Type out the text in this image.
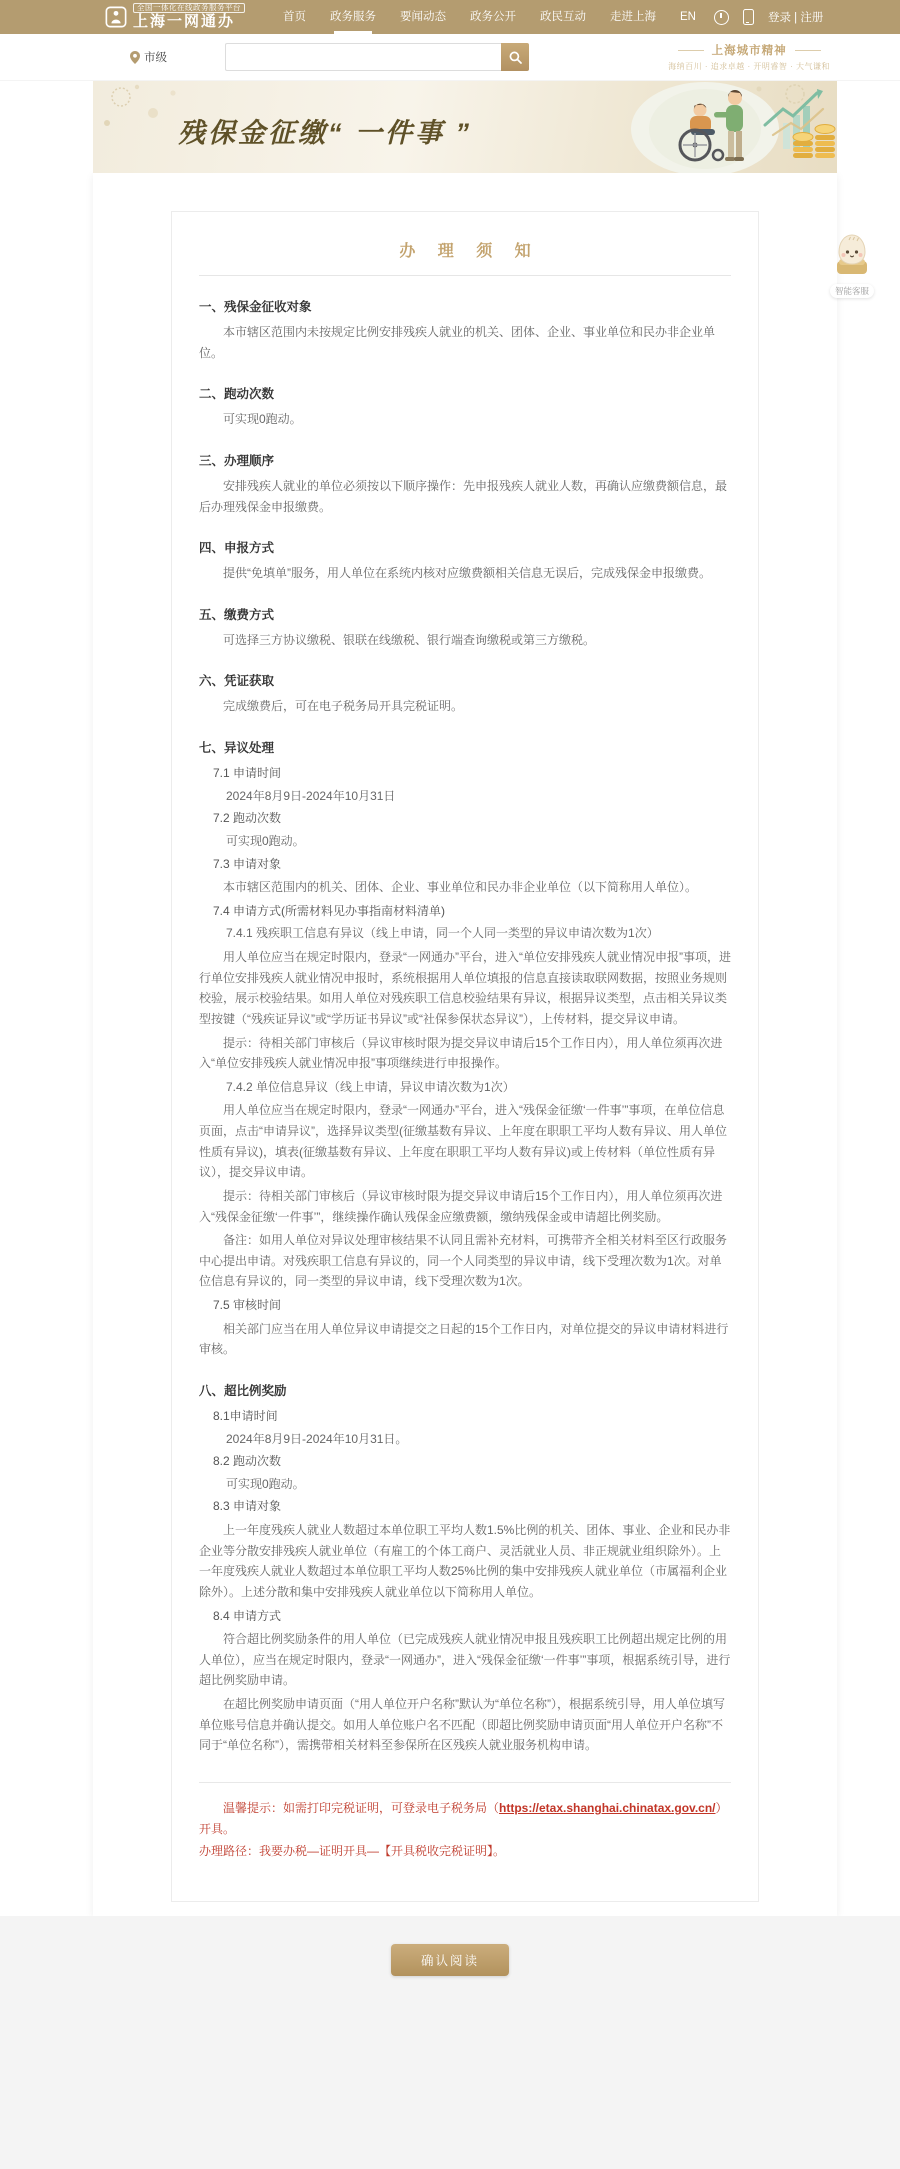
全国一体化在线政务服务平台
上海一网通办	首页 政务服务 要闻动态 政务公开 政民互动 走进上海 EN	登录 | 注册
市级
上海城市精神
海纳百川 · 追求卓越 · 开明睿智 · 大气谦和
残保金征缴“ 一件事 ”
办 理 须 知
一、残保金征收对象

本市辖区范围内未按规定比例安排残疾人就业的机关、团体、企业、事业单位和民办非企业单位。

二、跑动次数

可实现0跑动。

三、办理顺序

安排残疾人就业的单位必须按以下顺序操作：先申报残疾人就业人数，再确认应缴费额信息，最后办理残保金申报缴费。

四、申报方式

提供“免填单”服务，用人单位在系统内核对应缴费额相关信息无误后，完成残保金申报缴费。

五、缴费方式

可选择三方协议缴税、银联在线缴税、银行端查询缴税或第三方缴税。

六、凭证获取

完成缴费后，可在电子税务局开具完税证明。

七、异议处理

7.1 申请时间

2024年8月9日-2024年10月31日

7.2 跑动次数

可实现0跑动。

7.3 申请对象

本市辖区范围内的机关、团体、企业、事业单位和民办非企业单位（以下简称用人单位）。

7.4 申请方式(所需材料见办事指南材料清单)

7.4.1 残疾职工信息有异议（线上申请，同一个人同一类型的异议申请次数为1次）

用人单位应当在规定时限内，登录“一网通办”平台，进入“单位安排残疾人就业情况申报”事项，进行单位安排残疾人就业情况申报时，系统根据用人单位填报的信息直接读取联网数据，按照业务规则校验，展示校验结果。如用人单位对残疾职工信息校验结果有异议，根据异议类型，点击相关异议类型按键（“残疾证异议”或“学历证书异议”或“社保参保状态异议”），上传材料，提交异议申请。

提示：待相关部门审核后（异议审核时限为提交异议申请后15个工作日内），用人单位须再次进入“单位安排残疾人就业情况申报”事项继续进行申报操作。

7.4.2 单位信息异议（线上申请，异议申请次数为1次）

用人单位应当在规定时限内，登录“一网通办”平台，进入“残保金征缴‘一件事’”事项，在单位信息页面，点击“申请异议”，选择异议类型(征缴基数有异议、上年度在职职工平均人数有异议、用人单位性质有异议)，填表(征缴基数有异议、上年度在职职工平均人数有异议)或上传材料（单位性质有异议），提交异议申请。

提示：待相关部门审核后（异议审核时限为提交异议申请后15个工作日内），用人单位须再次进入“残保金征缴‘一件事’”，继续操作确认残保金应缴费额，缴纳残保金或申请超比例奖励。

备注：如用人单位对异议处理审核结果不认同且需补充材料，可携带齐全相关材料至区行政服务中心提出申请。对残疾职工信息有异议的，同一个人同类型的异议申请，线下受理次数为1次。对单位信息有异议的，同一类型的异议申请，线下受理次数为1次。

7.5 审核时间

相关部门应当在用人单位异议申请提交之日起的15个工作日内，对单位提交的异议申请材料进行审核。

八、超比例奖励

8.1申请时间

2024年8月9日-2024年10月31日。

8.2 跑动次数

可实现0跑动。

8.3 申请对象

上一年度残疾人就业人数超过本单位职工平均人数1.5%比例的机关、团体、事业、企业和民办非企业等分散安排残疾人就业单位（有雇工的个体工商户、灵活就业人员、非正规就业组织除外）。上一年度残疾人就业人数超过本单位职工平均人数25%比例的集中安排残疾人就业单位（市属福利企业除外）。上述分散和集中安排残疾人就业单位以下简称用人单位。

8.4 申请方式

符合超比例奖励条件的用人单位（已完成残疾人就业情况申报且残疾职工比例超出规定比例的用人单位），应当在规定时限内，登录“一网通办”，进入“残保金征缴‘一件事’”事项，根据系统引导，进行超比例奖励申请。

在超比例奖励申请页面（“用人单位开户名称”默认为“单位名称”），根据系统引导，用人单位填写单位账号信息并确认提交。如用人单位账户名不匹配（即超比例奖励申请页面“用人单位开户名称”不同于“单位名称”），需携带相关材料至参保所在区残疾人就业服务机构申请。

温馨提示：如需打印完税证明，可登录电子税务局（https://etax.shanghai.chinatax.gov.cn/）开具。
办理路径：我要办税—证明开具—【开具税收完税证明】。
确认阅读
智能客服
